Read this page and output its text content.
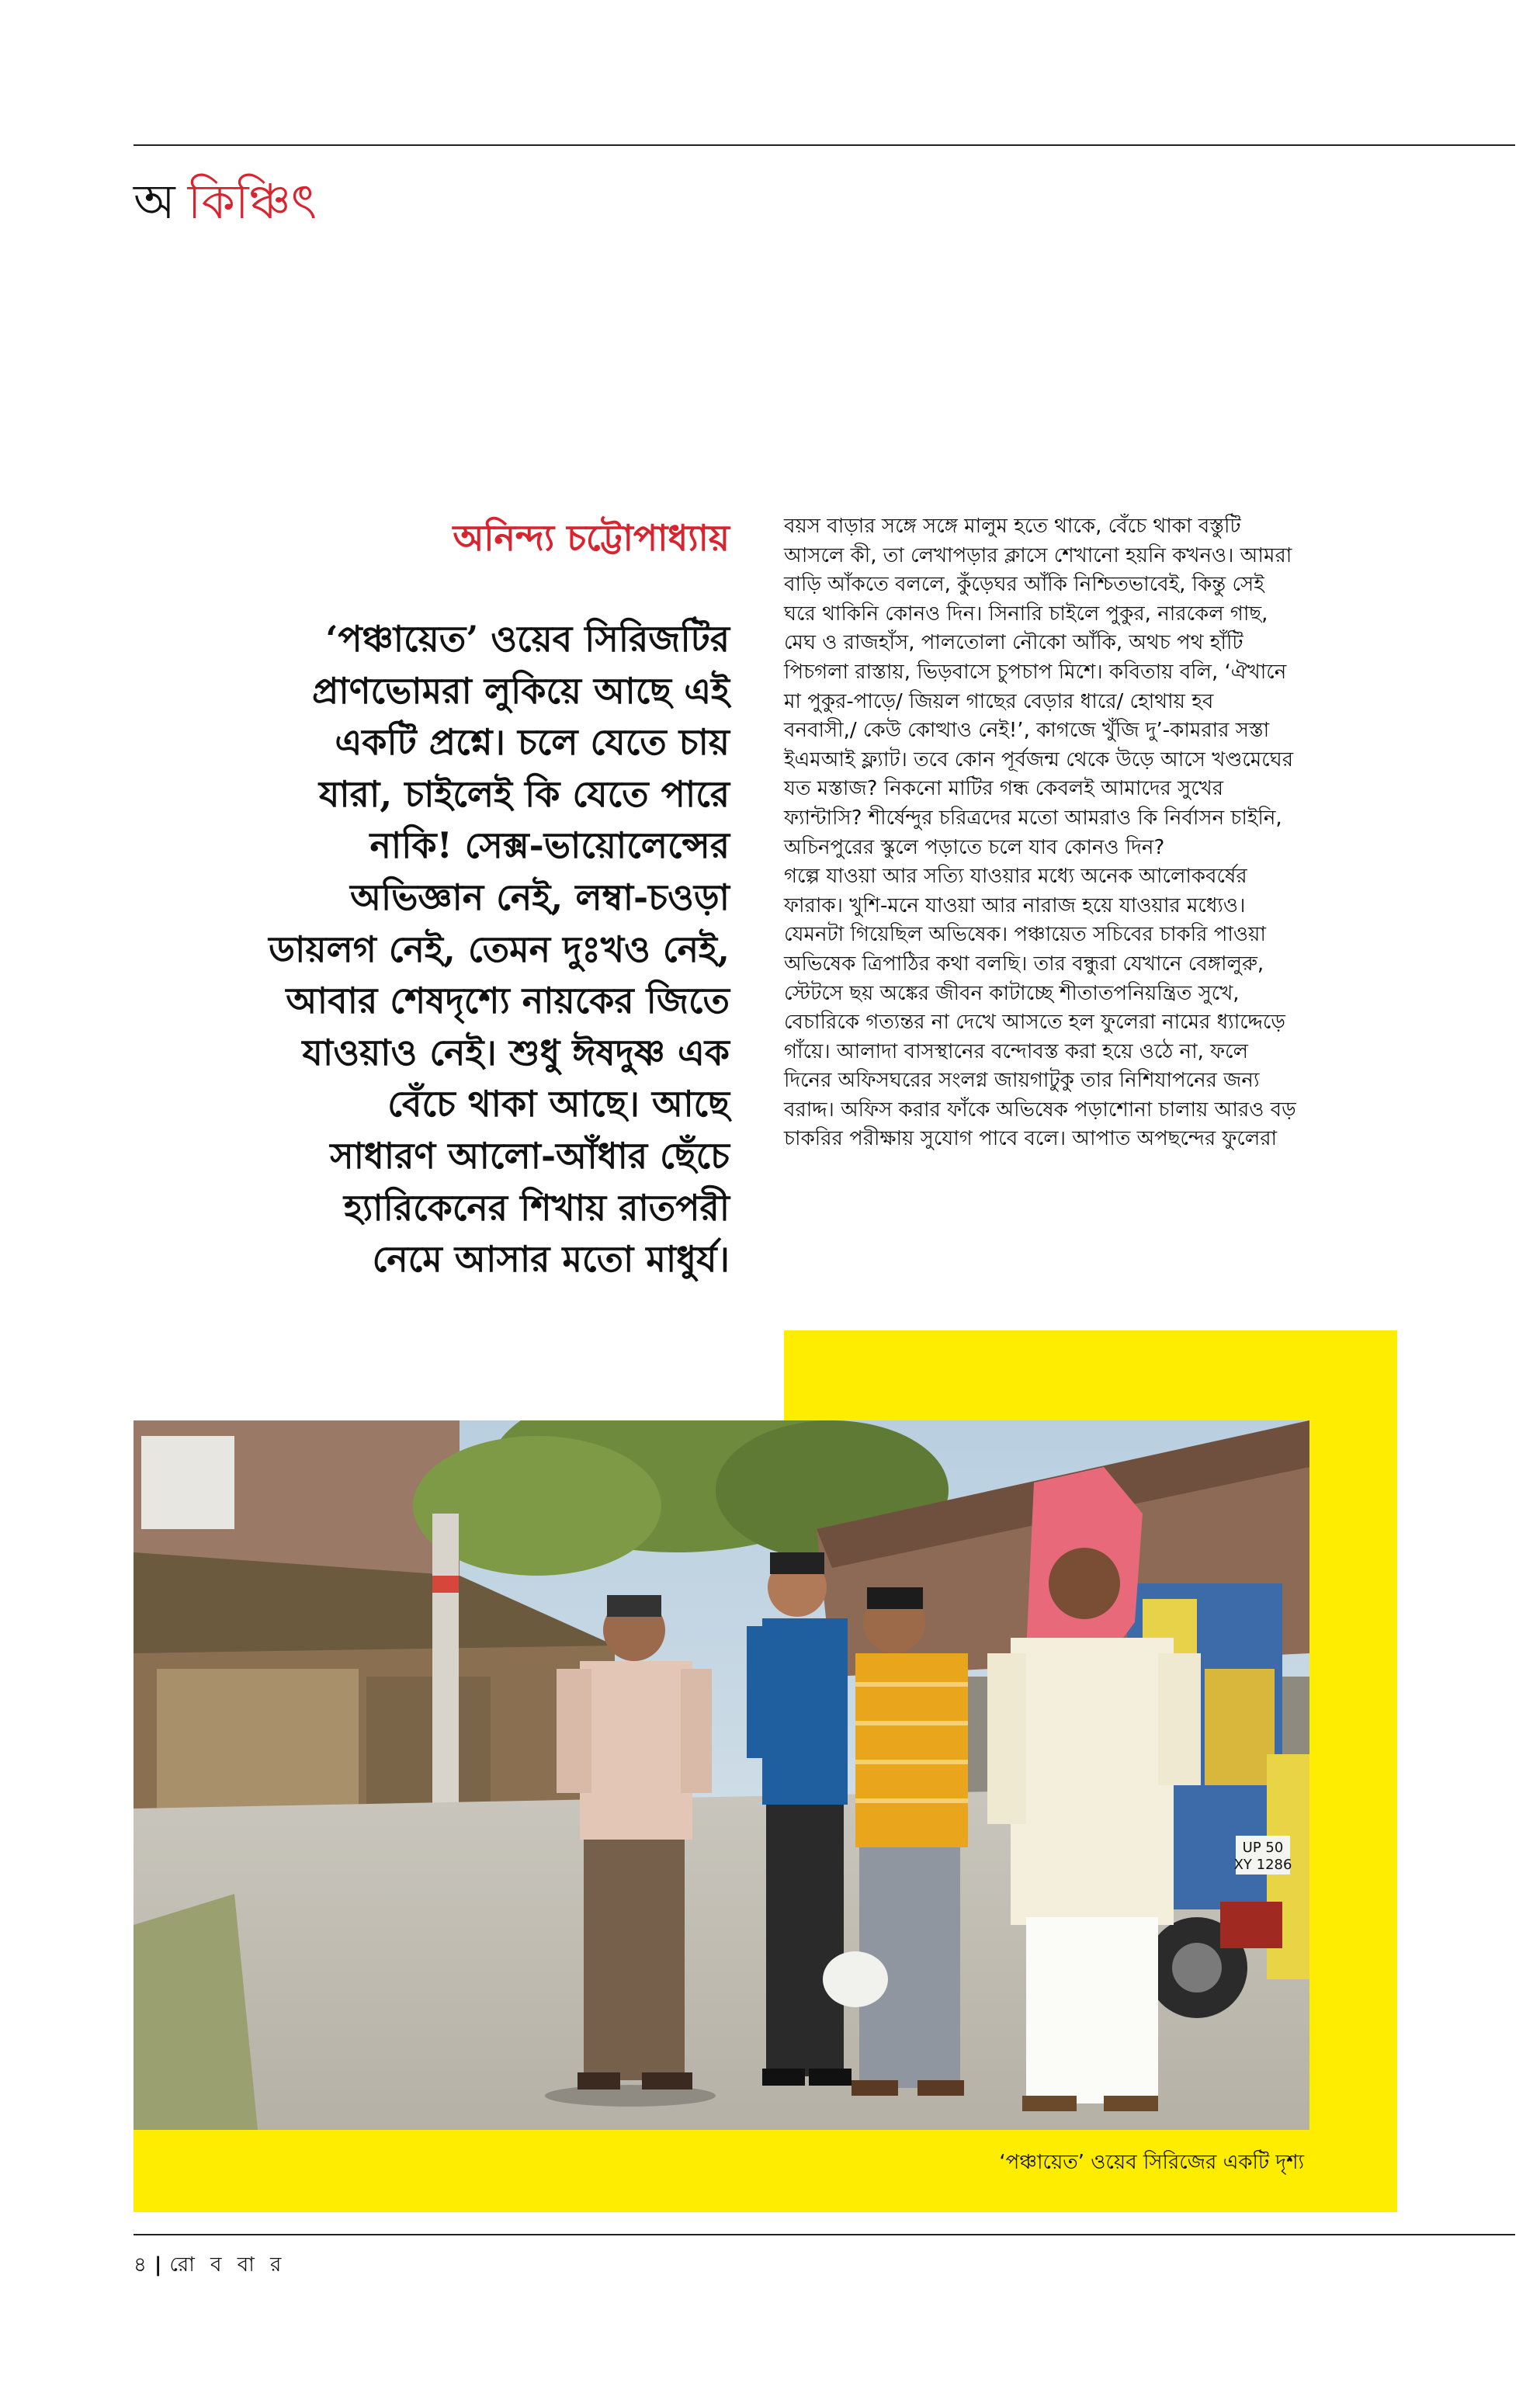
অ কিঞ্চিৎ
অনিন্দ্য চট্টোপাধ্যায়
‘পঞ্চায়েত’ ওয়েব সিরিজটির
প্রাণভোমরা লুকিয়ে আছে এই
একটি প্রশ্নে। চলে যেতে চায়
যারা, চাইলেই কি যেতে পারে
নাকি! সেক্স-ভায়োলেন্সের
অভিজ্ঞান নেই, লম্বা-চওড়া
ডায়লগ নেই, তেমন দুঃখও নেই,
আবার শেষদৃশ্যে নায়কের জিতে
যাওয়াও নেই। শুধু ঈষদুষ্ণ এক
বেঁচে থাকা আছে। আছে
সাধারণ আলো-আঁধার ছেঁচে
হ্যারিকেনের শিখায় রাতপরী
নেমে আসার মতো মাধুর্য।
বয়স বাড়ার সঙ্গে সঙ্গে মালুম হতে থাকে, বেঁচে থাকা বস্তুটি
আসলে কী, তা লেখাপড়ার ক্লাসে শেখানো হয়নি কখনও। আমরা
বাড়ি আঁকতে বললে, কুঁড়েঘর আঁকি নিশ্চিতভাবেই, কিন্তু সেই
ঘরে থাকিনি কোনও দিন। সিনারি চাইলে পুকুর, নারকেল গাছ,
মেঘ ও রাজহাঁস, পালতোলা নৌকো আঁকি, অথচ পথ হাঁটি
পিচগলা রাস্তায়, ভিড়বাসে চুপচাপ মিশে। কবিতায় বলি, ‘ঐখানে
মা পুকুর-পাড়ে/ জিয়ল গাছের বেড়ার ধারে/ হোথায় হব
বনবাসী,/ কেউ কোত্থাও নেই!’, কাগজে খুঁজি দু’-কামরার সস্তা
ইএমআই ফ্ল্যাট। তবে কোন পূর্বজন্ম থেকে উড়ে আসে খণ্ডমেঘের
যত মস্তাজ? নিকনো মাটির গন্ধ কেবলই আমাদের সুখের
ফ্যান্টাসি? শীর্ষেন্দুর চরিত্রদের মতো আমরাও কি নির্বাসন চাইনি,
অচিনপুরের স্কুলে পড়াতে চলে যাব কোনও দিন?
গল্পে যাওয়া আর সত্যি যাওয়ার মধ্যে অনেক আলোকবর্ষের
ফারাক। খুশি-মনে যাওয়া আর নারাজ হয়ে যাওয়ার মধ্যেও।
যেমনটা গিয়েছিল অভিষেক। পঞ্চায়েত সচিবের চাকরি পাওয়া
অভিষেক ত্রিপাঠির কথা বলছি। তার বন্ধুরা যেখানে বেঙ্গালুরু,
স্টেটসে ছয় অঙ্কের জীবন কাটাচ্ছে শীতাতপনিয়ন্ত্রিত সুখে,
বেচারিকে গত্যন্তর না দেখে আসতে হল ফুলেরা নামের ধ্যাদ্দেড়ে
গাঁয়ে। আলাদা বাসস্থানের বন্দোবস্ত করা হয়ে ওঠে না, ফলে
দিনের অফিসঘরের সংলগ্ন জায়গাটুকু তার নিশিযাপনের জন্য
বরাদ্দ। অফিস করার ফাঁকে অভিষেক পড়াশোনা চালায় আরও বড়
চাকরির পরীক্ষায় সুযোগ পাবে বলে। আপাত অপছন্দের ফুলেরা
UP 50
XY 1286
‘পঞ্চায়েত’ ওয়েব সিরিজের একটি দৃশ্য
৪ | রো ব বা র
